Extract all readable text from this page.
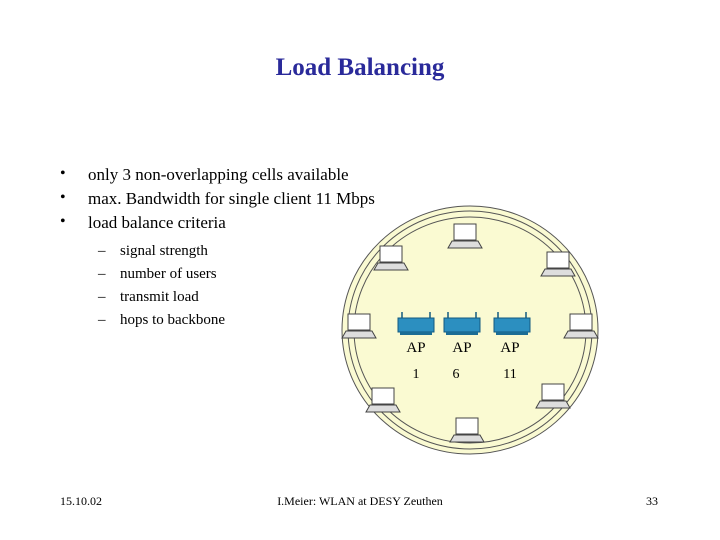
Load Balancing
• only 3 non-overlapping cells available
• max. Bandwidth for single client 11 Mbps
• load balance criteria
– signal strength
– number of users
– transmit load
– hops to backbone
AP	AP	AP
1	6	11
15.10.02	I.Meier: WLAN at DESY Zeuthen	33
